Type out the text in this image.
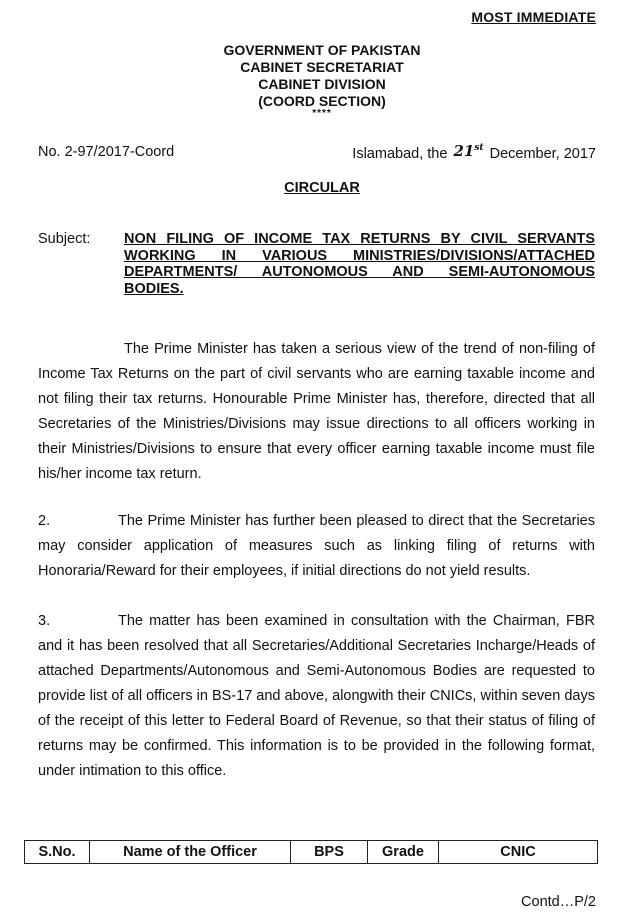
MOST IMMEDIATE
GOVERNMENT OF PAKISTAN
CABINET SECRETARIAT
CABINET DIVISION
(COORD SECTION)
****
No. 2-97/2017-Coord	Islamabad, the 21st December, 2017
CIRCULAR
Subject: NON FILING OF INCOME TAX RETURNS BY CIVIL SERVANTS
WORKING IN VARIOUS MINISTRIES/DIVISIONS/ATTACHED
DEPARTMENTS/ AUTONOMOUS AND SEMI-AUTONOMOUS
BODIES.
The Prime Minister has taken a serious view of the trend of non-filing of Income Tax Returns on the part of civil servants who are earning taxable income and not filing their tax returns. Honourable Prime Minister has, therefore, directed that all Secretaries of the Ministries/Divisions may issue directions to all officers working in their Ministries/Divisions to ensure that every officer earning taxable income must file his/her income tax return.
2.	The Prime Minister has further been pleased to direct that the Secretaries may consider application of measures such as linking filing of returns with Honoraria/Reward for their employees, if initial directions do not yield results.
3.	The matter has been examined in consultation with the Chairman, FBR and it has been resolved that all Secretaries/Additional Secretaries Incharge/Heads of attached Departments/Autonomous and Semi-Autonomous Bodies are requested to provide list of all officers in BS-17 and above, alongwith their CNICs, within seven days of the receipt of this letter to Federal Board of Revenue, so that their status of filing of returns may be confirmed. This information is to be provided in the following format, under intimation to this office.
S.No.	Name of the Officer	BPS	Grade	CNIC
Contd…P/2
